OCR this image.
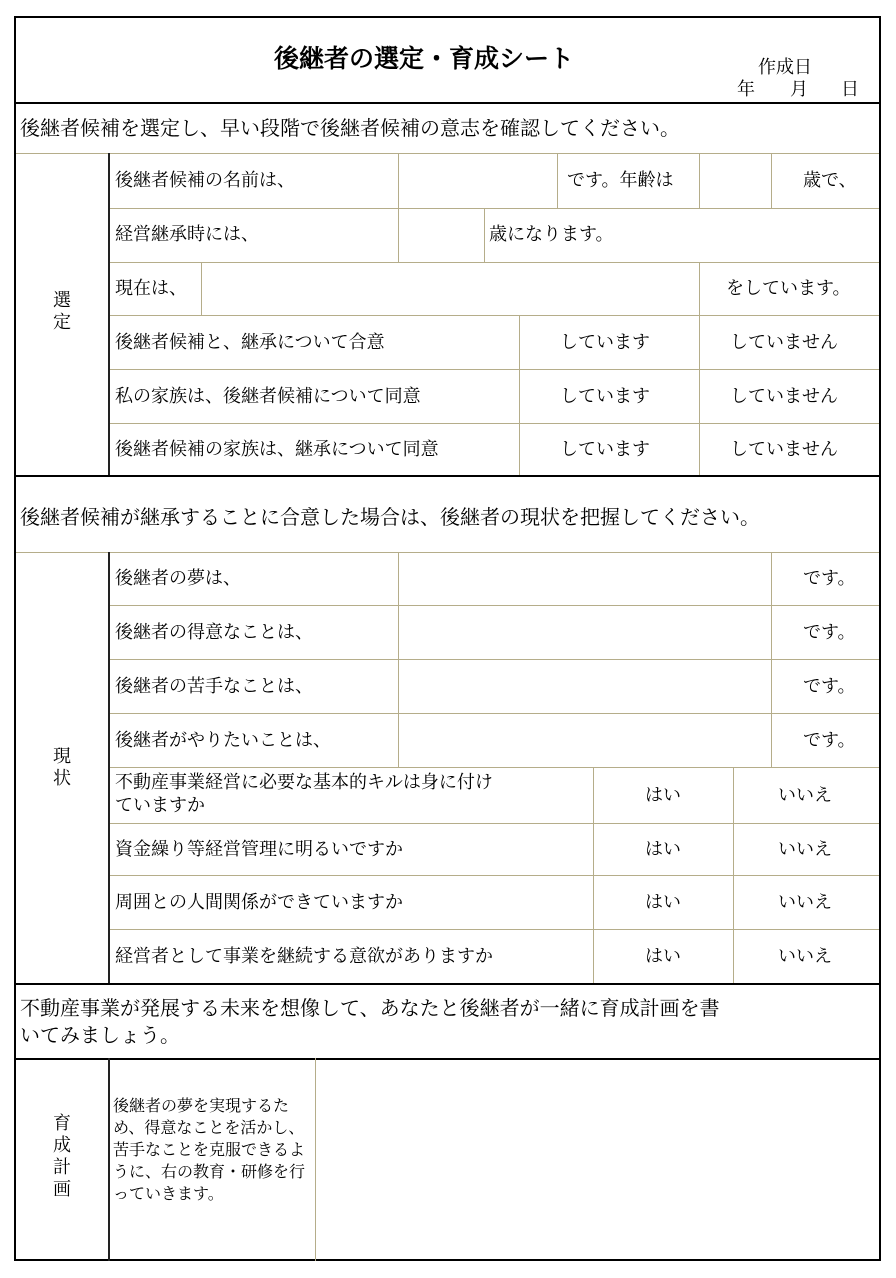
後継者の選定・育成シート	作成日
年 月 日
後継者候補を選定し、早い段階で後継者候補の意志を確認してください。
選定
後継者候補の名前は、	です。年齢は	歳で、
経営継承時には、	歳になります。
現在は、	をしています。
後継者候補と、継承について合意	しています	していません
私の家族は、後継者候補について同意	しています	していません
後継者候補の家族は、継承について同意	しています	していません
後継者候補が継承することに合意した場合は、後継者の現状を把握してください。
現状
後継者の夢は、	です。
後継者の得意なことは、	です。
後継者の苦手なことは、	です。
後継者がやりたいことは、	です。
不動産事業経営に必要な基本的キルは身に付け
ていますか	はい	いいえ
資金繰り等経営管理に明るいですか	はい	いいえ
周囲との人間関係ができていますか	はい	いいえ
経営者として事業を継続する意欲がありますか	はい	いいえ
不動産事業が発展する未来を想像して、あなたと後継者が一緒に育成計画を書
いてみましょう。
育成計画
後継者の夢を実現するため、得意なことを活かし、苦手なことを克服できるように、右の教育・研修を行っていきます。
